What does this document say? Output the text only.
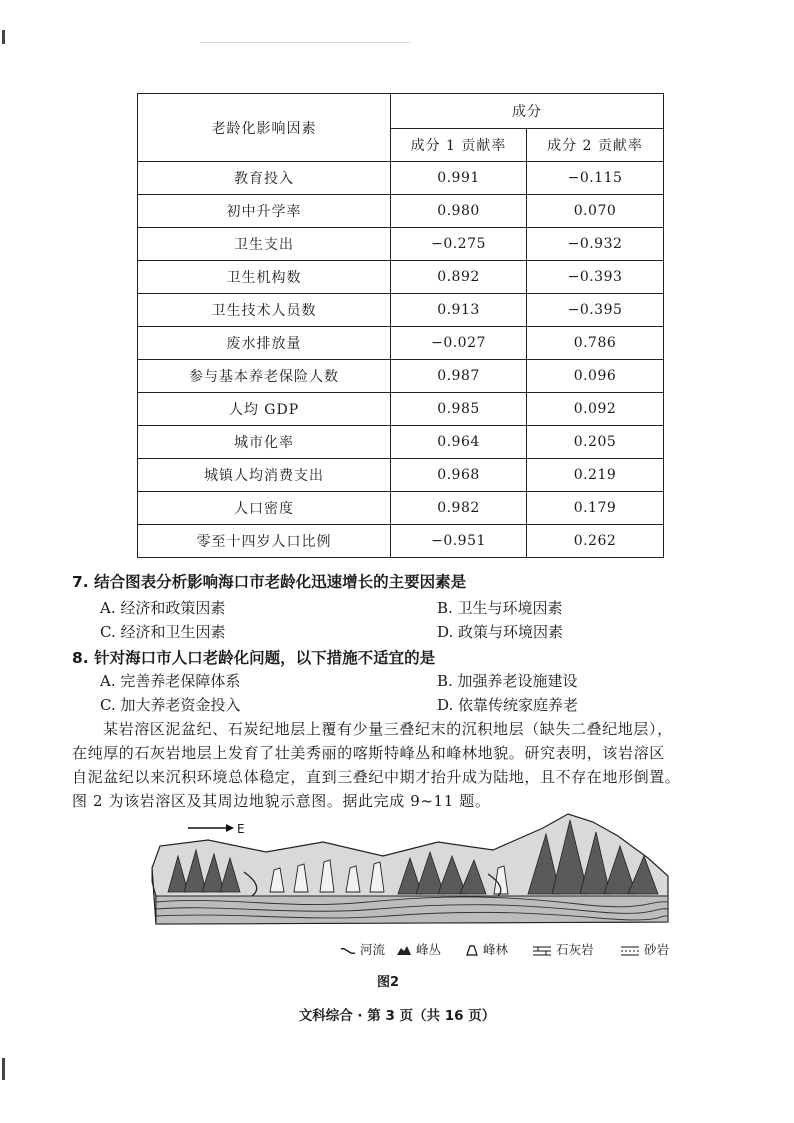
老龄化影响因素	成分	
	成分 1 贡献率	成分 2 贡献率
教育投入	0.991	−0.115
初中升学率	0.980	0.070
卫生支出	−0.275	−0.932
卫生机构数	0.892	−0.393
卫生技术人员数	0.913	−0.395
废水排放量	−0.027	0.786
参与基本养老保险人数	0.987	0.096
人均 GDP	0.985	0.092
城市化率	0.964	0.205
城镇人均消费支出	0.968	0.219
人口密度	0.982	0.179
零至十四岁人口比例	−0.951	0.262
7. 结合图表分析影响海口市老龄化迅速增长的主要因素是
A. 经济和政策因素	B. 卫生与环境因素
C. 经济和卫生因素	D. 政策与环境因素
8. 针对海口市人口老龄化问题，以下措施不适宜的是
A. 完善养老保障体系	B. 加强养老设施建设
C. 加大养老资金投入	D. 依靠传统家庭养老
某岩溶区泥盆纪、石炭纪地层上覆有少量三叠纪末的沉积地层（缺失二叠纪地层），
在纯厚的石灰岩地层上发育了壮美秀丽的喀斯特峰丛和峰林地貌。研究表明，该岩溶区
自泥盆纪以来沉积环境总体稳定，直到三叠纪中期才抬升成为陆地，且不存在地形倒置。
图 2 为该岩溶区及其周边地貌示意图。据此完成 9~11 题。
E
河流	峰丛	峰林	石灰岩	砂岩
图2
文科综合 · 第 3 页（共 16 页）
